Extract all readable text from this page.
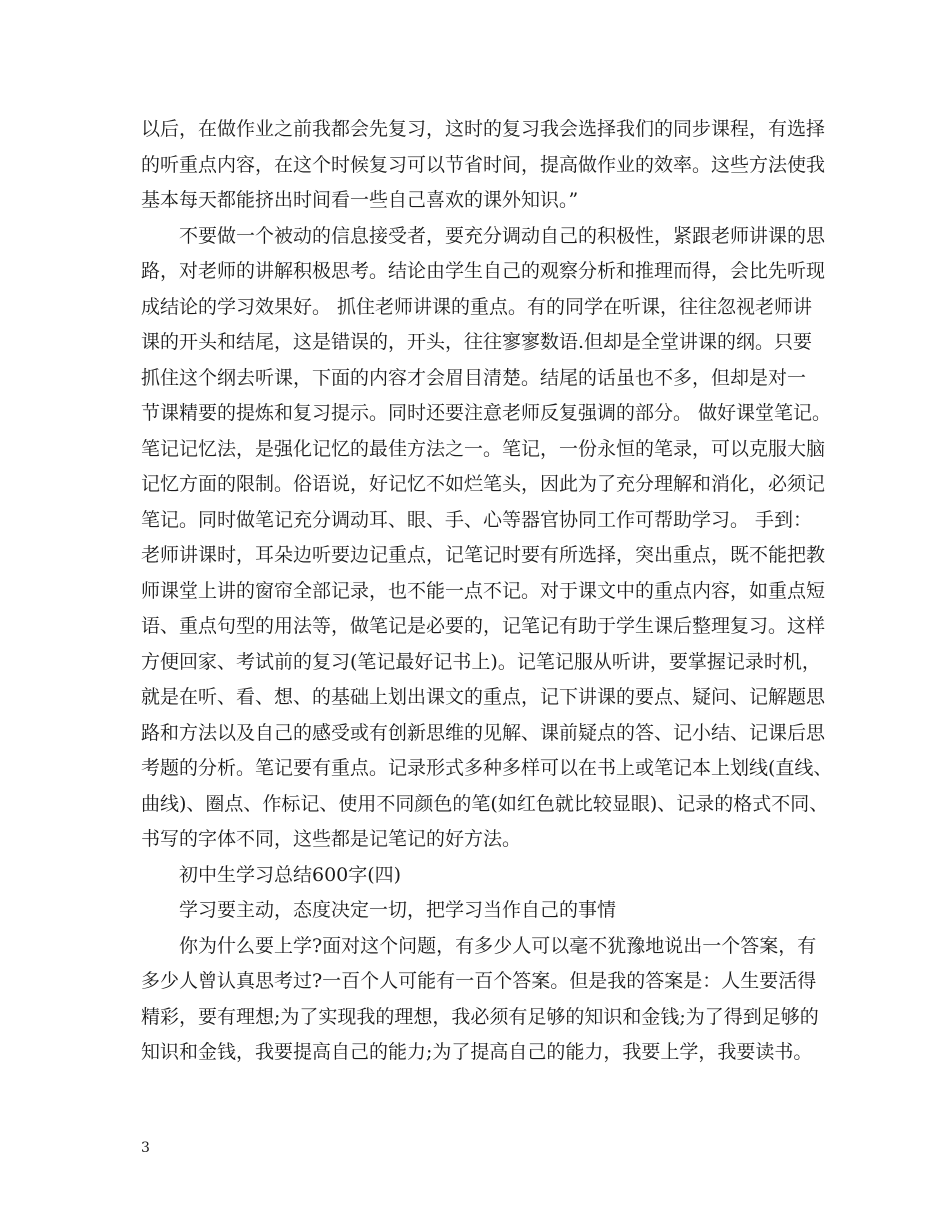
以后，在做作业之前我都会先复习，这时的复习我会选择我们的同步课程，有选择
的听重点内容，在这个时候复习可以节省时间，提高做作业的效率。这些方法使我
基本每天都能挤出时间看一些自己喜欢的课外知识。”
不要做一个被动的信息接受者，要充分调动自己的积极性，紧跟老师讲课的思
路，对老师的讲解积极思考。结论由学生自己的观察分析和推理而得，会比先听现
成结论的学习效果好。 抓住老师讲课的重点。有的同学在听课，往往忽视老师讲
课的开头和结尾，这是错误的，开头，往往寥寥数语.但却是全堂讲课的纲。只要
抓住这个纲去听课，下面的内容才会眉目清楚。结尾的话虽也不多，但却是对一
节课精要的提炼和复习提示。同时还要注意老师反复强调的部分。 做好课堂笔记。
笔记记忆法，是强化记忆的最佳方法之一。笔记，一份永恒的笔录，可以克服大脑
记忆方面的限制。俗语说，好记忆不如烂笔头，因此为了充分理解和消化，必须记
笔记。同时做笔记充分调动耳、眼、手、心等器官协同工作可帮助学习。 手到：
老师讲课时，耳朵边听要边记重点，记笔记时要有所选择，突出重点，既不能把教
师课堂上讲的窗帘全部记录，也不能一点不记。对于课文中的重点内容，如重点短
语、重点句型的用法等，做笔记是必要的，记笔记有助于学生课后整理复习。这样
方便回家、考试前的复习(笔记最好记书上)。记笔记服从听讲，要掌握记录时机，
就是在听、看、想、的基础上划出课文的重点，记下讲课的要点、疑问、记解题思
路和方法以及自己的感受或有创新思维的见解、课前疑点的答、记小结、记课后思
考题的分析。笔记要有重点。记录形式多种多样可以在书上或笔记本上划线(直线、
曲线)、圈点、作标记、使用不同颜色的笔(如红色就比较显眼)、记录的格式不同、
书写的字体不同，这些都是记笔记的好方法。
初中生学习总结600字(四)
学习要主动，态度决定一切，把学习当作自己的事情
你为什么要上学?面对这个问题，有多少人可以毫不犹豫地说出一个答案，有
多少人曾认真思考过?一百个人可能有一百个答案。但是我的答案是：人生要活得
精彩，要有理想;为了实现我的理想，我必须有足够的知识和金钱;为了得到足够的
知识和金钱，我要提高自己的能力;为了提高自己的能力，我要上学，我要读书。
3
